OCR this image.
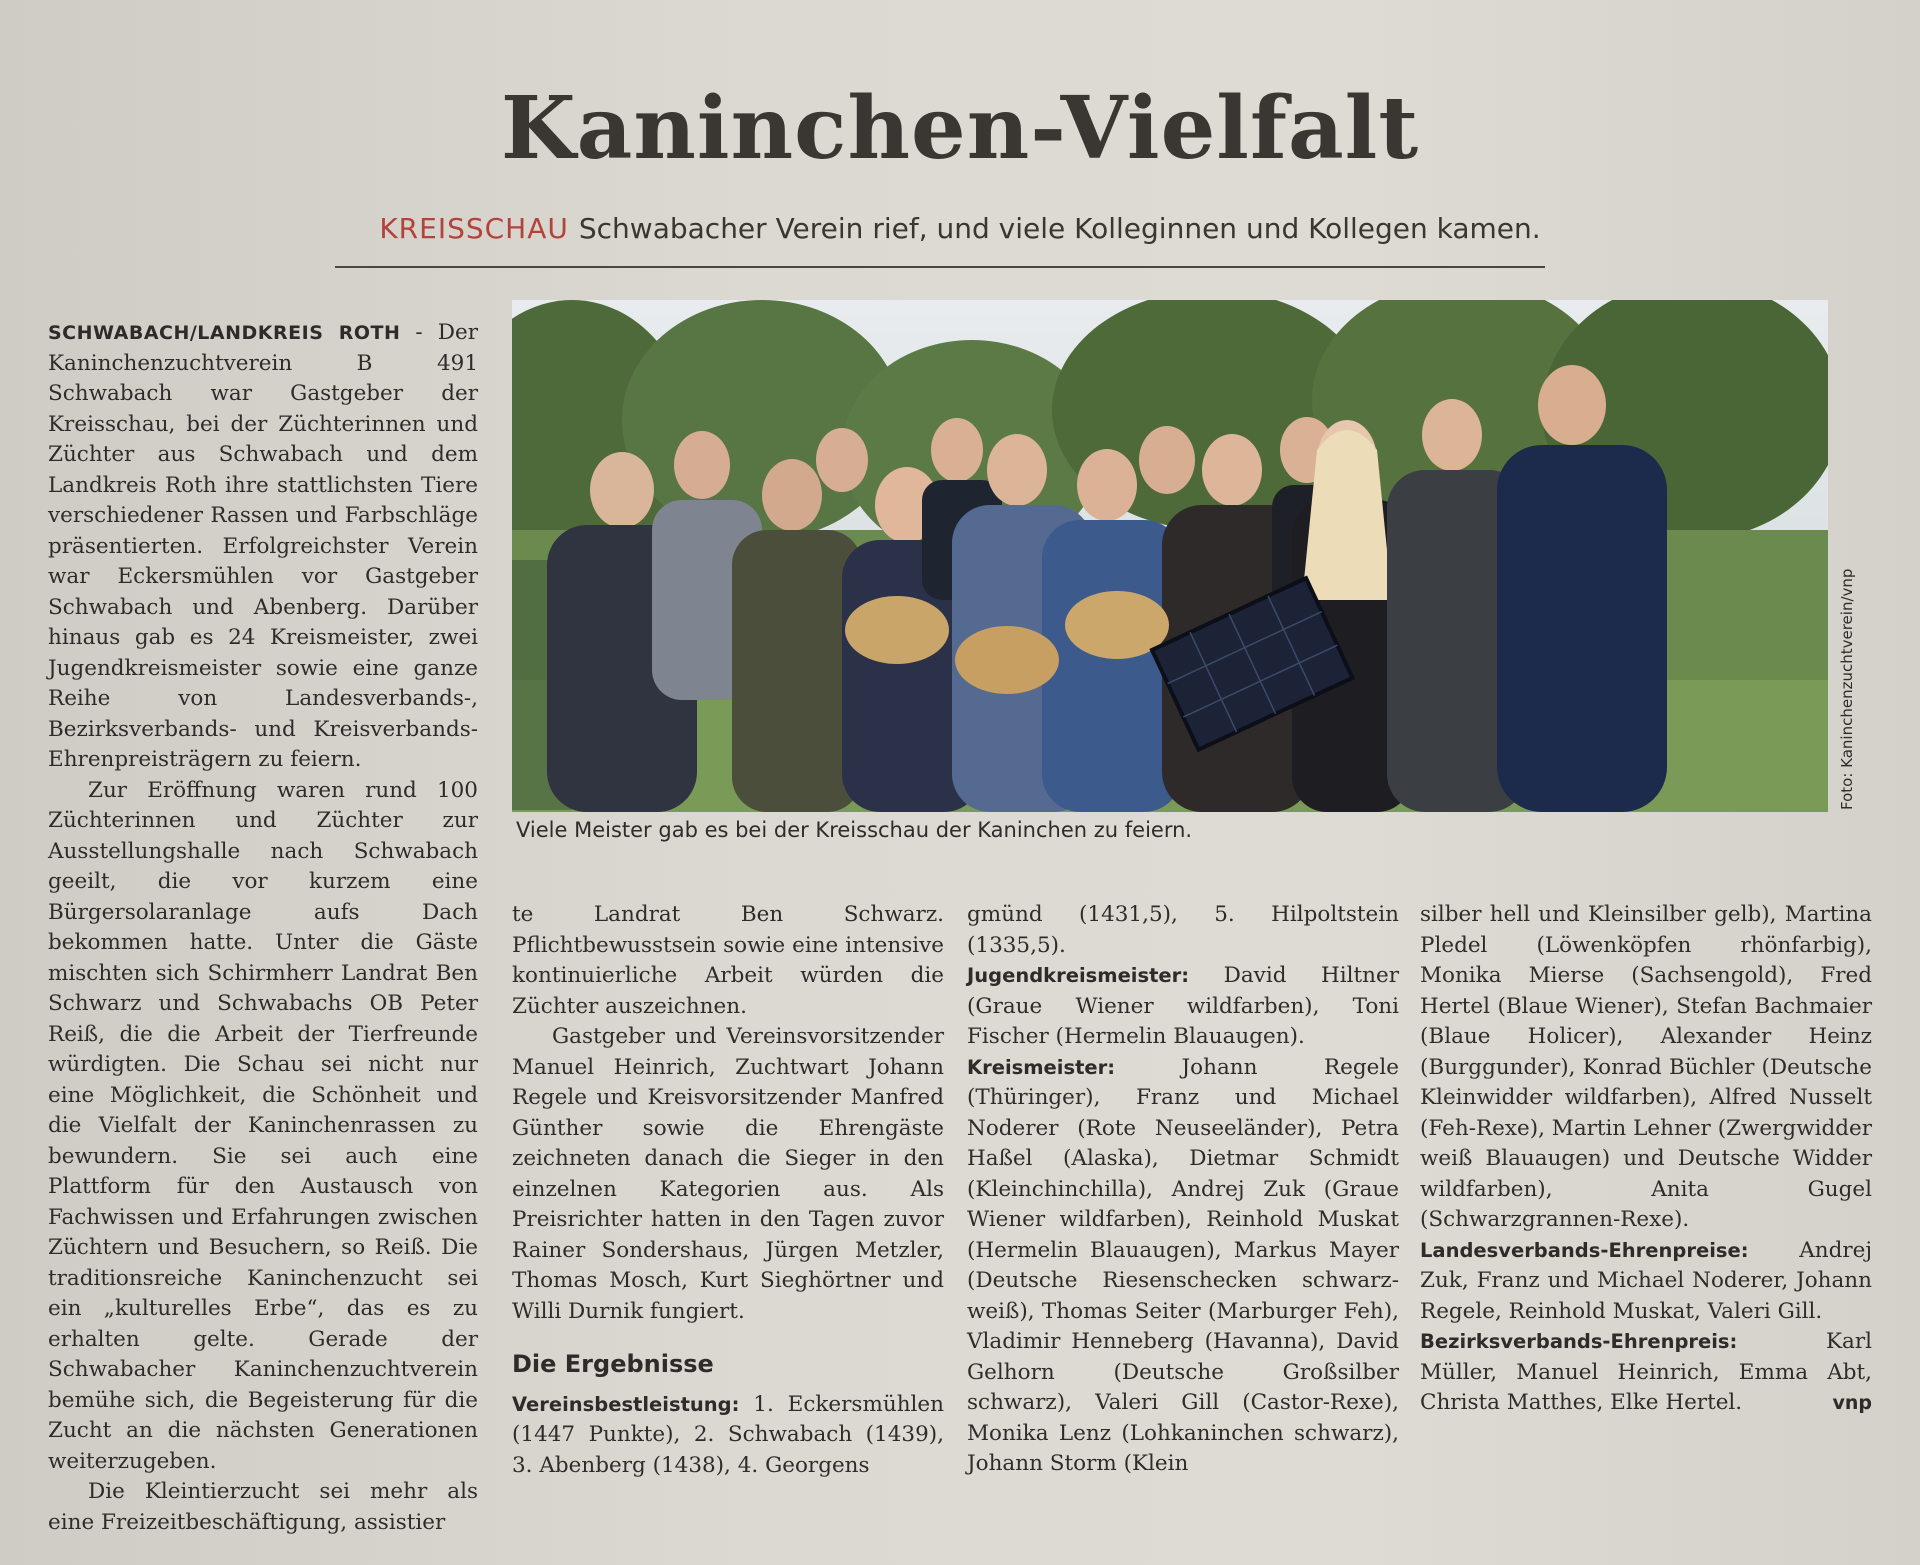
Kaninchen-Vielfalt
KREISSCHAU Schwabacher Verein rief, und viele Kolleginnen und Kollegen kamen.

SCHWABACH/LANDKREIS ROTH - Der Kaninchenzuchtverein B 491 Schwabach war Gastgeber der Kreisschau, bei der Züchterinnen und Züchter aus Schwabach und dem Landkreis Roth ihre stattlichsten Tiere verschiedener Rassen und Farbschläge präsentierten. Erfolgreichster Verein war Eckersmühlen vor Gastgeber Schwabach und Abenberg. Darüber hinaus gab es 24 Kreismeister, zwei Jugendkreismeister sowie eine ganze Reihe von Landesverbands-, Bezirksverbands- und Kreisverbands-Ehrenpreisträgern zu feiern.

Zur Eröffnung waren rund 100 Züchterinnen und Züchter zur Ausstellungshalle nach Schwabach geeilt, die vor kurzem eine Bürgersolaranlage aufs Dach bekommen hatte. Unter die Gäste mischten sich Schirmherr Landrat Ben Schwarz und Schwabachs OB Peter Reiß, die die Arbeit der Tierfreunde würdigten. Die Schau sei nicht nur eine Möglichkeit, die Schönheit und die Vielfalt der Kaninchenrassen zu bewundern. Sie sei auch eine Plattform für den Austausch von Fachwissen und Erfahrungen zwischen Züchtern und Besuchern, so Reiß. Die traditionsreiche Kaninchenzucht sei ein „kulturelles Erbe“, das es zu erhalten gelte. Gerade der Schwabacher Kaninchenzuchtverein bemühe sich, die Begeisterung für die Zucht an die nächsten Generationen weiterzugeben.

Die Kleintierzucht sei mehr als eine Freizeitbeschäftigung, assistier

Foto: Kaninchenzuchtverein/vnp
Viele Meister gab es bei der Kreisschau der Kaninchen zu feiern.

te Landrat Ben Schwarz. Pflichtbewusstsein sowie eine intensive kontinuierliche Arbeit würden die Züchter auszeichnen.

Gastgeber und Vereinsvorsitzender Manuel Heinrich, Zuchtwart Johann Regele und Kreisvorsitzender Manfred Günther sowie die Ehrengäste zeichneten danach die Sieger in den einzelnen Kategorien aus. Als Preisrichter hatten in den Tagen zuvor Rainer Sondershaus, Jürgen Metzler, Thomas Mosch, Kurt Sieghörtner und Willi Durnik fungiert.

Die Ergebnisse

Vereinsbestleistung: 1. Eckersmühlen (1447 Punkte), 2. Schwabach (1439), 3. Abenberg (1438), 4. Georgens

gmünd (1431,5), 5. Hilpoltstein (1335,5).

Jugendkreismeister: David Hiltner (Graue Wiener wildfarben), Toni Fischer (Hermelin Blauaugen).

Kreismeister: Johann Regele (Thüringer), Franz und Michael Noderer (Rote Neuseeländer), Petra Haßel (Alaska), Dietmar Schmidt (Kleinchinchilla), Andrej Zuk (Graue Wiener wildfarben), Reinhold Muskat (Hermelin Blauaugen), Markus Mayer (Deutsche Riesenschecken schwarz-weiß), Thomas Seiter (Marburger Feh), Vladimir Henneberg (Havanna), David Gelhorn (Deutsche Großsilber schwarz), Valeri Gill (Castor-Rexe), Monika Lenz (Lohkaninchen schwarz), Johann Storm (Klein

silber hell und Kleinsilber gelb), Martina Pledel (Löwenköpfen rhönfarbig), Monika Mierse (Sachsengold), Fred Hertel (Blaue Wiener), Stefan Bachmaier (Blaue Holicer), Alexander Heinz (Burggunder), Konrad Büchler (Deutsche Kleinwidder wildfarben), Alfred Nusselt (Feh-Rexe), Martin Lehner (Zwergwidder weiß Blauaugen) und Deutsche Widder wildfarben), Anita Gugel (Schwarzgrannen-Rexe).

Landesverbands-Ehrenpreise: Andrej Zuk, Franz und Michael Noderer, Johann Regele, Reinhold Muskat, Valeri Gill.

Bezirksverbands-Ehrenpreis: Karl Müller, Manuel Heinrich, Emma Abt, Christa Matthes, Elke Hertel.	vnp
